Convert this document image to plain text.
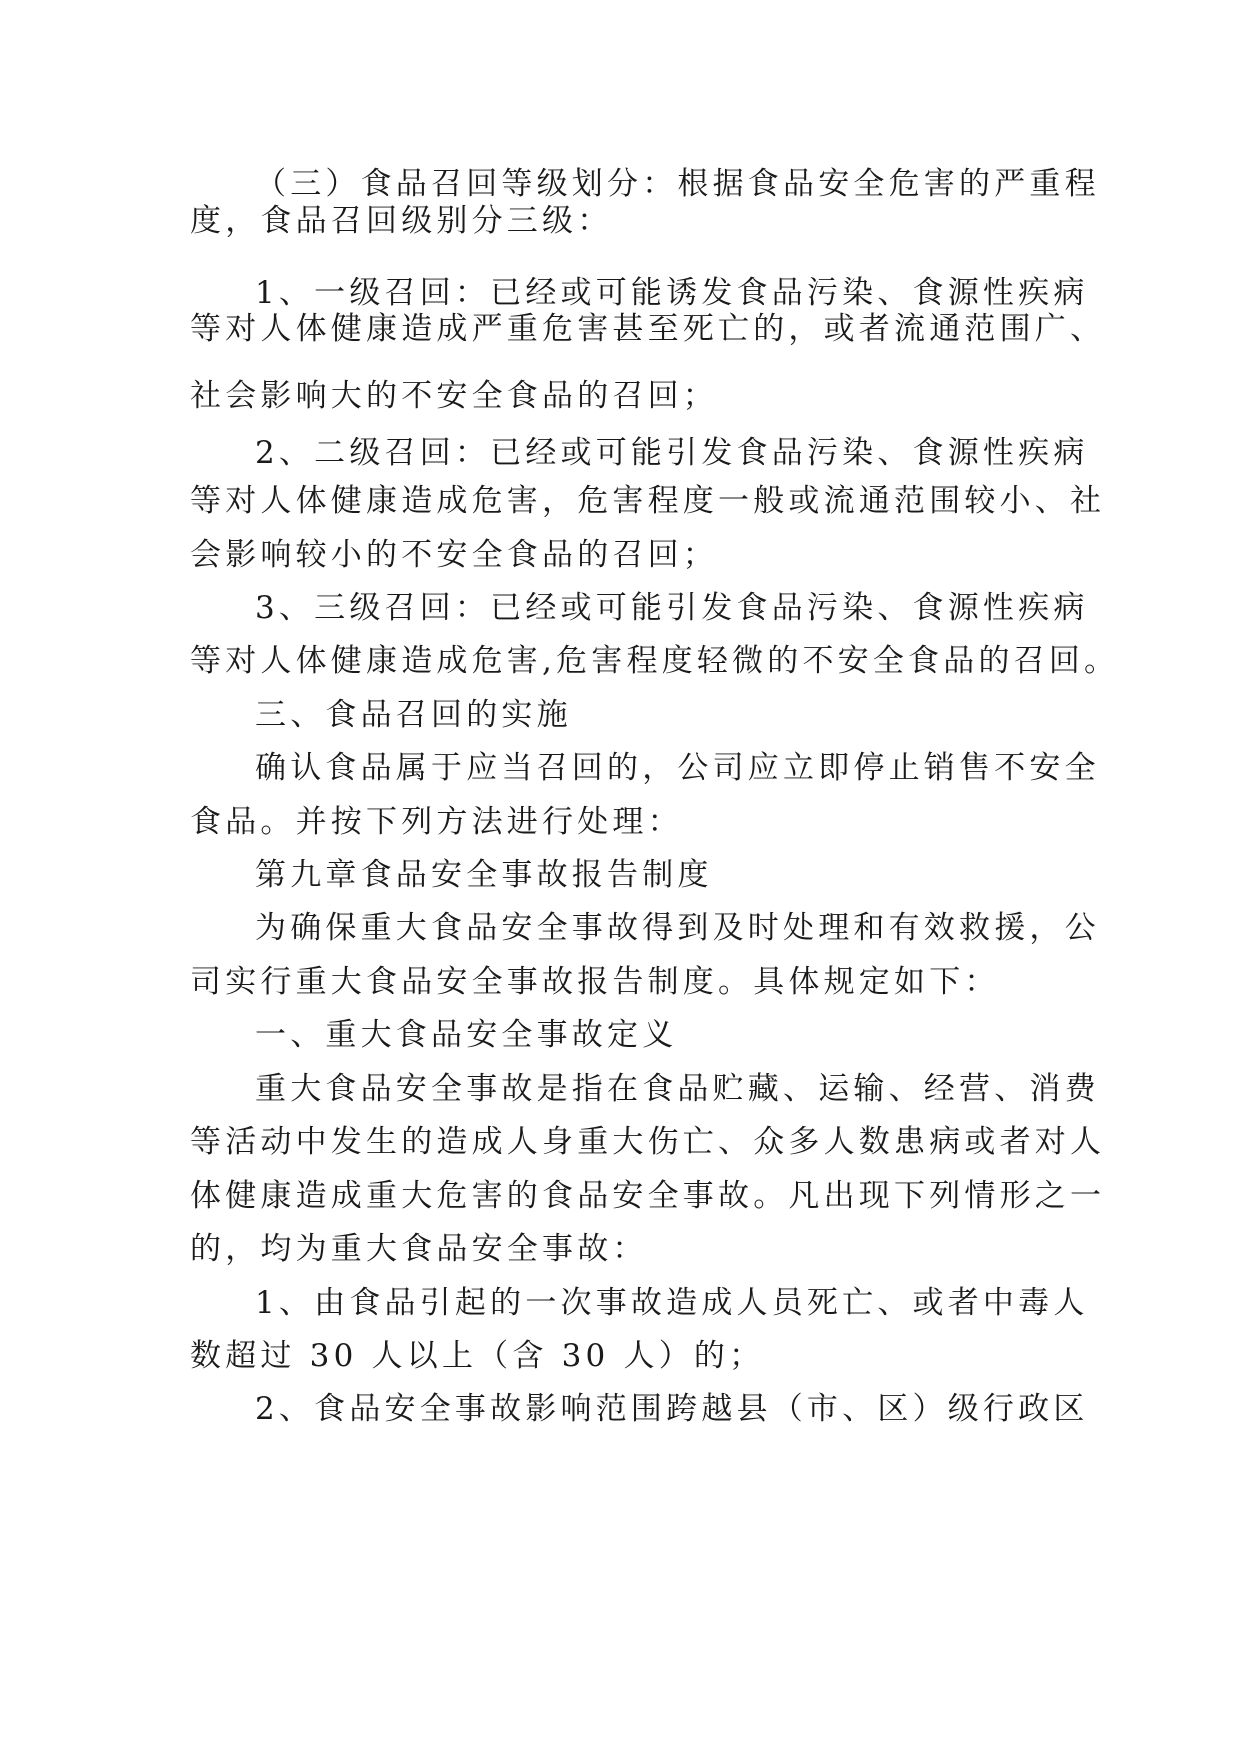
（三）食品召回等级划分：根据食品安全危害的严重程
度，食品召回级别分三级：
1、一级召回：已经或可能诱发食品污染、食源性疾病
等对人体健康造成严重危害甚至死亡的，或者流通范围广、
社会影响大的不安全食品的召回；
2、二级召回：已经或可能引发食品污染、食源性疾病
等对人体健康造成危害，危害程度一般或流通范围较小、社
会影响较小的不安全食品的召回；
3、三级召回：已经或可能引发食品污染、食源性疾病
等对人体健康造成危害,危害程度轻微的不安全食品的召回。
三、食品召回的实施
确认食品属于应当召回的，公司应立即停止销售不安全
食品。并按下列方法进行处理：
第九章食品安全事故报告制度
为确保重大食品安全事故得到及时处理和有效救援，公
司实行重大食品安全事故报告制度。具体规定如下：
一、重大食品安全事故定义
重大食品安全事故是指在食品贮藏、运输、经营、消费
等活动中发生的造成人身重大伤亡、众多人数患病或者对人
体健康造成重大危害的食品安全事故。凡出现下列情形之一
的，均为重大食品安全事故：
1、由食品引起的一次事故造成人员死亡、或者中毒人
数超过 30 人以上（含 30 人）的；
2、食品安全事故影响范围跨越县（市、区）级行政区
